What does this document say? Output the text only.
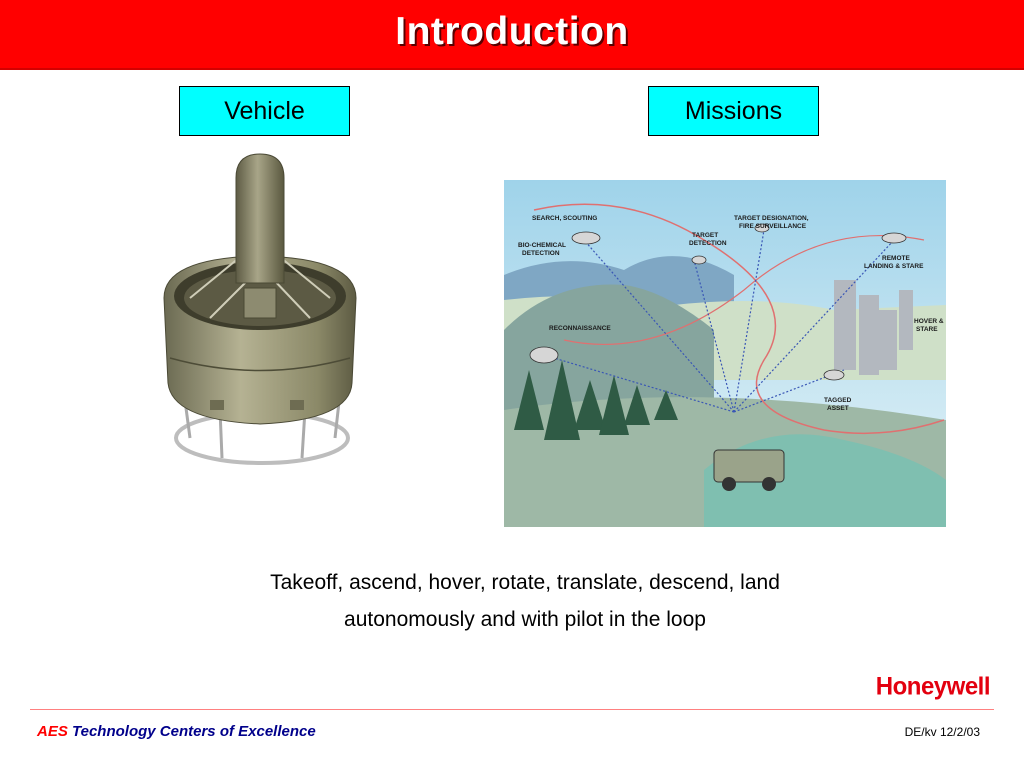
Introduction
Vehicle	Missions
SEARCH, SCOUTING
BIO-CHEMICAL
DETECTION
TARGET
DETECTION
TARGET DESIGNATION,
FIRE SURVEILLANCE
REMOTE
LANDING & STARE
RECONNAISSANCE
HOVER &
STARE
TAGGED
ASSET
Takeoff, ascend, hover, rotate, translate, descend, land
autonomously and with pilot in the loop
Honeywell
AES Technology Centers of Excellence	DE/kv 12/2/03
